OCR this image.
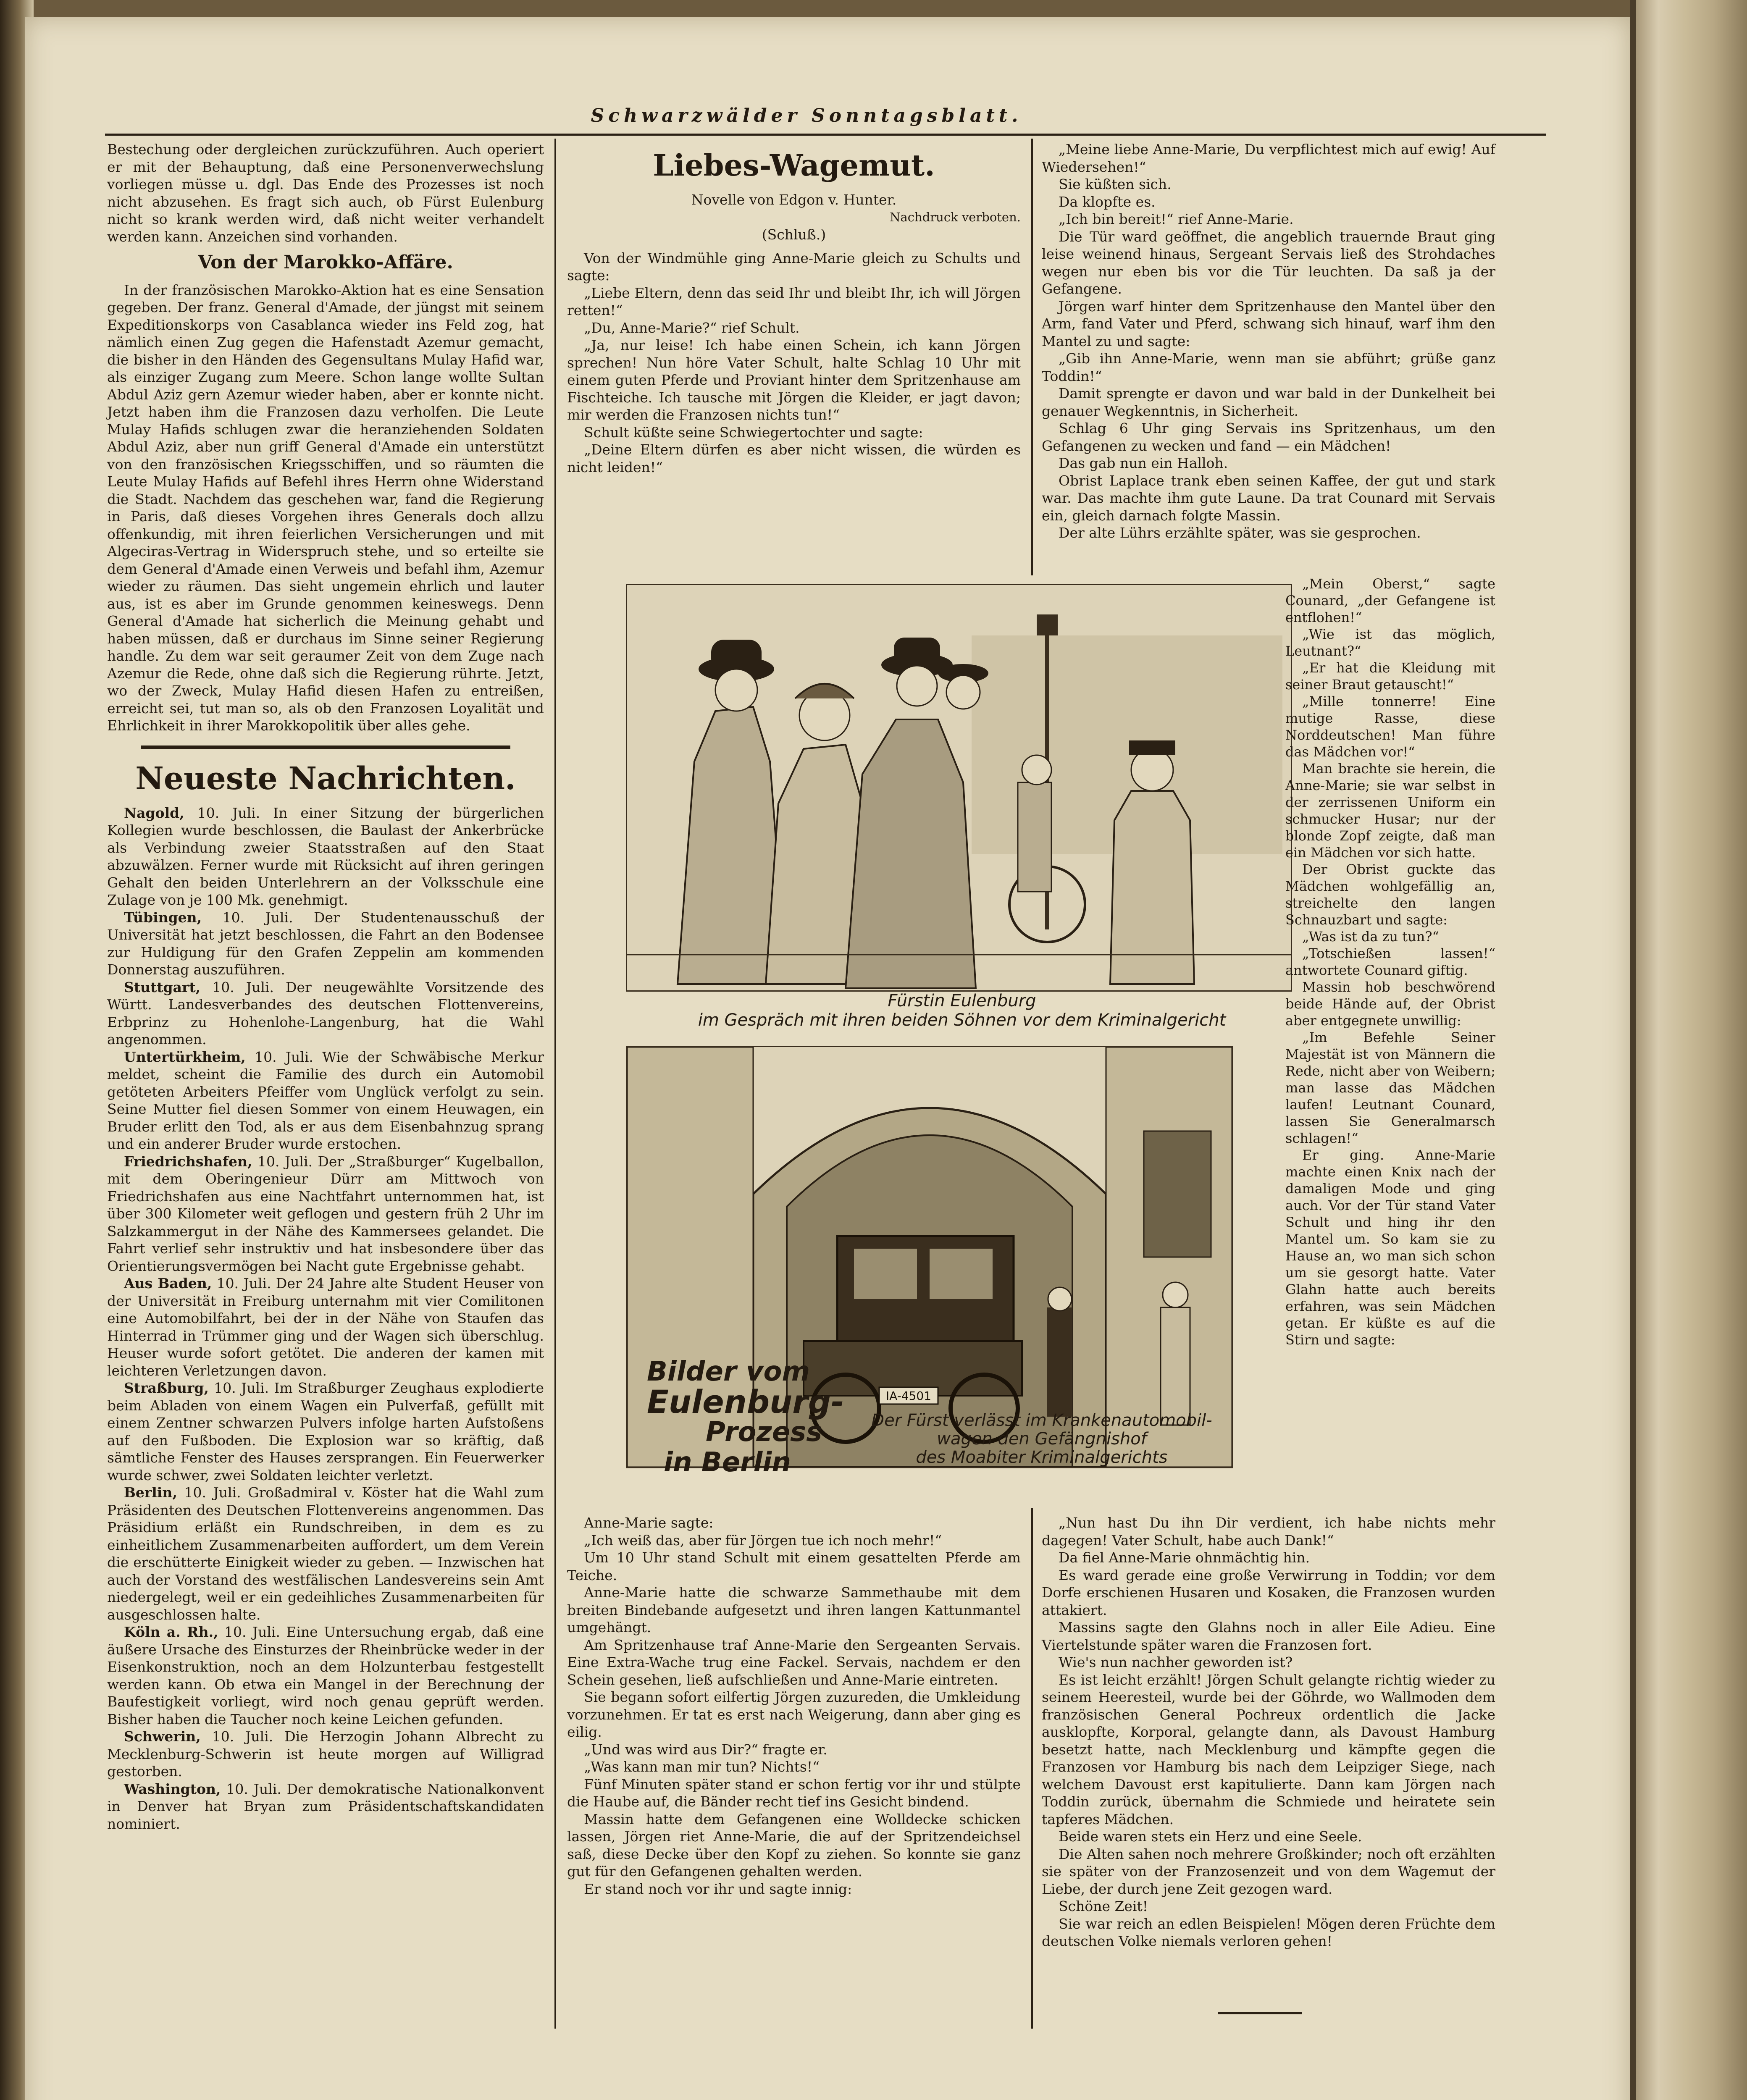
Schwarzwälder Sonntagsblatt.

Bestechung oder dergleichen zurückzuführen. Auch operiert er mit der Behauptung, daß eine Personenverwechslung vorliegen müsse u. dgl. Das Ende des Prozesses ist noch nicht abzusehen. Es fragt sich auch, ob Fürst Eulenburg nicht so krank werden wird, daß nicht weiter verhandelt werden kann. Anzeichen sind vorhanden.

Von der Marokko-Affäre.

In der französischen Marokko-Aktion hat es eine Sensation gegeben. Der franz. General d'Amade, der jüngst mit seinem Expeditionskorps von Casablanca wieder ins Feld zog, hat nämlich einen Zug gegen die Hafenstadt Azemur gemacht, die bisher in den Händen des Gegensultans Mulay Hafid war, als einziger Zugang zum Meere. Schon lange wollte Sultan Abdul Aziz gern Azemur wieder haben, aber er konnte nicht. Jetzt haben ihm die Franzosen dazu verholfen. Die Leute Mulay Hafids schlugen zwar die heranziehenden Soldaten Abdul Aziz, aber nun griff General d'Amade ein unterstützt von den französischen Kriegsschiffen, und so räumten die Leute Mulay Hafids auf Befehl ihres Herrn ohne Widerstand die Stadt. Nachdem das geschehen war, fand die Regierung in Paris, daß dieses Vorgehen ihres Generals doch allzu offenkundig, mit ihren feierlichen Versicherungen und mit Algeciras-Vertrag in Widerspruch stehe, und so erteilte sie dem General d'Amade einen Verweis und befahl ihm, Azemur wieder zu räumen. Das sieht ungemein ehrlich und lauter aus, ist es aber im Grunde genommen keineswegs. Denn General d'Amade hat sicherlich die Meinung gehabt und haben müssen, daß er durchaus im Sinne seiner Regierung handle. Zu dem war seit geraumer Zeit von dem Zuge nach Azemur die Rede, ohne daß sich die Regierung rührte. Jetzt, wo der Zweck, Mulay Hafid diesen Hafen zu entreißen, erreicht sei, tut man so, als ob den Franzosen Loyalität und Ehrlichkeit in ihrer Marokkopolitik über alles gehe.

Neueste Nachrichten.

Nagold, 10. Juli. In einer Sitzung der bürgerlichen Kollegien wurde beschlossen, die Baulast der Ankerbrücke als Verbindung zweier Staatsstraßen auf den Staat abzuwälzen. Ferner wurde mit Rücksicht auf ihren geringen Gehalt den beiden Unterlehrern an der Volksschule eine Zulage von je 100 Mk. genehmigt.

Tübingen, 10. Juli. Der Studentenausschuß der Universität hat jetzt beschlossen, die Fahrt an den Bodensee zur Huldigung für den Grafen Zeppelin am kommenden Donnerstag auszuführen.

Stuttgart, 10. Juli. Der neugewählte Vorsitzende des Württ. Landesverbandes des deutschen Flottenvereins, Erbprinz zu Hohenlohe-Langenburg, hat die Wahl angenommen.

Untertürkheim, 10. Juli. Wie der Schwäbische Merkur meldet, scheint die Familie des durch ein Automobil getöteten Arbeiters Pfeiffer vom Unglück verfolgt zu sein. Seine Mutter fiel diesen Sommer von einem Heuwagen, ein Bruder erlitt den Tod, als er aus dem Eisenbahnzug sprang und ein anderer Bruder wurde erstochen.

Friedrichshafen, 10. Juli. Der „Straßburger“ Kugelballon, mit dem Oberingenieur Dürr am Mittwoch von Friedrichshafen aus eine Nachtfahrt unternommen hat, ist über 300 Kilometer weit geflogen und gestern früh 2 Uhr im Salzkammergut in der Nähe des Kammersees gelandet. Die Fahrt verlief sehr instruktiv und hat insbesondere über das Orientierungsvermögen bei Nacht gute Ergebnisse gehabt.

Aus Baden, 10. Juli. Der 24 Jahre alte Student Heuser von der Universität in Freiburg unternahm mit vier Comilitonen eine Automobilfahrt, bei der in der Nähe von Staufen das Hinterrad in Trümmer ging und der Wagen sich überschlug. Heuser wurde sofort getötet. Die anderen der kamen mit leichteren Verletzungen davon.

Straßburg, 10. Juli. Im Straßburger Zeughaus explodierte beim Abladen von einem Wagen ein Pulverfaß, gefüllt mit einem Zentner schwarzen Pulvers infolge harten Aufstoßens auf den Fußboden. Die Explosion war so kräftig, daß sämtliche Fenster des Hauses zersprangen. Ein Feuerwerker wurde schwer, zwei Soldaten leichter verletzt.

Berlin, 10. Juli. Großadmiral v. Köster hat die Wahl zum Präsidenten des Deutschen Flottenvereins angenommen. Das Präsidium erläßt ein Rundschreiben, in dem es zu einheitlichem Zusammenarbeiten auffordert, um dem Verein die erschütterte Einigkeit wieder zu geben. — Inzwischen hat auch der Vorstand des westfälischen Landesvereins sein Amt niedergelegt, weil er ein gedeihliches Zusammenarbeiten für ausgeschlossen halte.

Köln a. Rh., 10. Juli. Eine Untersuchung ergab, daß eine äußere Ursache des Einsturzes der Rheinbrücke weder in der Eisenkonstruktion, noch an dem Holzunterbau festgestellt werden kann. Ob etwa ein Mangel in der Berechnung der Baufestigkeit vorliegt, wird noch genau geprüft werden. Bisher haben die Taucher noch keine Leichen gefunden.

Schwerin, 10. Juli. Die Herzogin Johann Albrecht zu Mecklenburg-Schwerin ist heute morgen auf Willigrad gestorben.

Washington, 10. Juli. Der demokratische Nationalkonvent in Denver hat Bryan zum Präsidentschaftskandidaten nominiert.

Liebes-Wagemut.
Novelle von Edgon v. Hunter.
Nachdruck verboten.
(Schluß.)

Von der Windmühle ging Anne-Marie gleich zu Schults und sagte:

„Liebe Eltern, denn das seid Ihr und bleibt Ihr, ich will Jörgen retten!“

„Du, Anne-Marie?“ rief Schult.

„Ja, nur leise! Ich habe einen Schein, ich kann Jörgen sprechen! Nun höre Vater Schult, halte Schlag 10 Uhr mit einem guten Pferde und Proviant hinter dem Spritzenhause am Fischteiche. Ich tausche mit Jörgen die Kleider, er jagt davon; mir werden die Franzosen nichts tun!“

Schult küßte seine Schwiegertochter und sagte:

„Deine Eltern dürfen es aber nicht wissen, die würden es nicht leiden!“

„Meine liebe Anne-Marie, Du verpflichtest mich auf ewig! Auf Wiedersehen!“

Sie küßten sich.

Da klopfte es.

„Ich bin bereit!“ rief Anne-Marie.

Die Tür ward geöffnet, die angeblich trauernde Braut ging leise weinend hinaus, Sergeant Servais ließ des Strohdaches wegen nur eben bis vor die Tür leuchten. Da saß ja der Gefangene.

Jörgen warf hinter dem Spritzenhause den Mantel über den Arm, fand Vater und Pferd, schwang sich hinauf, warf ihm den Mantel zu und sagte:

„Gib ihn Anne-Marie, wenn man sie abführt; grüße ganz Toddin!“

Damit sprengte er davon und war bald in der Dunkelheit bei genauer Wegkenntnis, in Sicherheit.

Schlag 6 Uhr ging Servais ins Spritzenhaus, um den Gefangenen zu wecken und fand — ein Mädchen!

Das gab nun ein Halloh.

Obrist Laplace trank eben seinen Kaffee, der gut und stark war. Das machte ihm gute Laune. Da trat Counard mit Servais ein, gleich darnach folgte Massin.

Der alte Lührs erzählte später, was sie gesprochen.

Fürstin Eulenburg
im Gespräch mit ihren beiden Söhnen vor dem Kriminalgericht
IA-4501
Bilder vom
Eulenburg-
Prozess
in Berlin
Der Fürst verlässt im Krankenautomobil-
wagen den Gefängnishof
des Moabiter Kriminalgerichts

„Mein Oberst,“ sagte Counard, „der Gefangene ist entflohen!“

„Wie ist das möglich, Leutnant?“

„Er hat die Kleidung mit seiner Braut getauscht!“

„Mille tonnerre! Eine mutige Rasse, diese Norddeutschen! Man führe das Mädchen vor!“

Man brachte sie herein, die Anne-Marie; sie war selbst in der zerrissenen Uniform ein schmucker Husar; nur der blonde Zopf zeigte, daß man ein Mädchen vor sich hatte.

Der Obrist guckte das Mädchen wohlgefällig an, streichelte den langen Schnauzbart und sagte:

„Was ist da zu tun?“

„Totschießen lassen!“ antwortete Counard giftig.

Massin hob beschwörend beide Hände auf, der Obrist aber entgegnete unwillig:

„Im Befehle Seiner Majestät ist von Männern die Rede, nicht aber von Weibern; man lasse das Mädchen laufen! Leutnant Counard, lassen Sie Generalmarsch schlagen!“

Er ging. Anne-Marie machte einen Knix nach der damaligen Mode und ging auch. Vor der Tür stand Vater Schult und hing ihr den Mantel um. So kam sie zu Hause an, wo man sich schon um sie gesorgt hatte. Vater Glahn hatte auch bereits erfahren, was sein Mädchen getan. Er küßte es auf die Stirn und sagte:

Anne-Marie sagte:

„Ich weiß das, aber für Jörgen tue ich noch mehr!“

Um 10 Uhr stand Schult mit einem gesattelten Pferde am Teiche.

Anne-Marie hatte die schwarze Sammethaube mit dem breiten Bindebande aufgesetzt und ihren langen Kattunmantel umgehängt.

Am Spritzenhause traf Anne-Marie den Sergeanten Servais. Eine Extra-Wache trug eine Fackel. Servais, nachdem er den Schein gesehen, ließ aufschließen und Anne-Marie eintreten.

Sie begann sofort eilfertig Jörgen zuzureden, die Umkleidung vorzunehmen. Er tat es erst nach Weigerung, dann aber ging es eilig.

„Und was wird aus Dir?“ fragte er.

„Was kann man mir tun? Nichts!“

Fünf Minuten später stand er schon fertig vor ihr und stülpte die Haube auf, die Bänder recht tief ins Gesicht bindend.

Massin hatte dem Gefangenen eine Wolldecke schicken lassen, Jörgen riet Anne-Marie, die auf der Spritzendeichsel saß, diese Decke über den Kopf zu ziehen. So konnte sie ganz gut für den Gefangenen gehalten werden.

Er stand noch vor ihr und sagte innig:

„Nun hast Du ihn Dir verdient, ich habe nichts mehr dagegen! Vater Schult, habe auch Dank!“

Da fiel Anne-Marie ohnmächtig hin.

Es ward gerade eine große Verwirrung in Toddin; vor dem Dorfe erschienen Husaren und Kosaken, die Franzosen wurden attakiert.

Massins sagte den Glahns noch in aller Eile Adieu. Eine Viertelstunde später waren die Franzosen fort.

Wie's nun nachher geworden ist?

Es ist leicht erzählt! Jörgen Schult gelangte richtig wieder zu seinem Heeresteil, wurde bei der Göhrde, wo Wallmoden dem französischen General Pochreux ordentlich die Jacke ausklopfte, Korporal, gelangte dann, als Davoust Hamburg besetzt hatte, nach Mecklenburg und kämpfte gegen die Franzosen vor Hamburg bis nach dem Leipziger Siege, nach welchem Davoust erst kapitulierte. Dann kam Jörgen nach Toddin zurück, übernahm die Schmiede und heiratete sein tapferes Mädchen.

Beide waren stets ein Herz und eine Seele.

Die Alten sahen noch mehrere Großkinder; noch oft erzählten sie später von der Franzosenzeit und von dem Wagemut der Liebe, der durch jene Zeit gezogen ward.

Schöne Zeit!

Sie war reich an edlen Beispielen! Mögen deren Früchte dem deutschen Volke niemals verloren gehen!
